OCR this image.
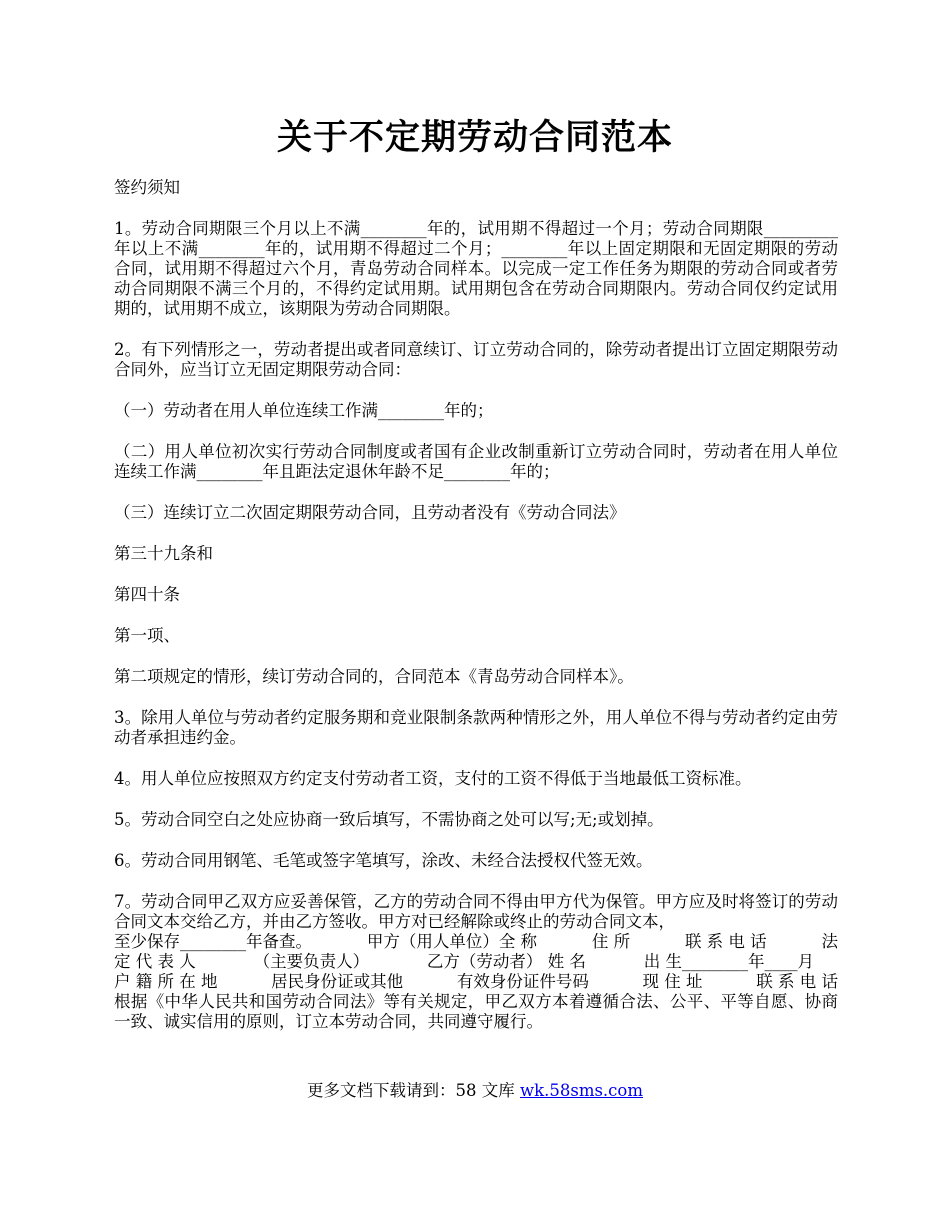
关于不定期劳动合同范本

签约须知

1。劳动合同期限三个月以上不满________年的，试用期不得超过一个月；劳动合同期限_________年以上不满________年的，试用期不得超过二个月；________年以上固定期限和无固定期限的劳动合同，试用期不得超过六个月，青岛劳动合同样本。以完成一定工作任务为期限的劳动合同或者劳动合同期限不满三个月的，不得约定试用期。试用期包含在劳动合同期限内。劳动合同仅约定试用期的，试用期不成立，该期限为劳动合同期限。

2。有下列情形之一，劳动者提出或者同意续订、订立劳动合同的，除劳动者提出订立固定期限劳动合同外，应当订立无固定期限劳动合同：

（一）劳动者在用人单位连续工作满________年的；

（二）用人单位初次实行劳动合同制度或者国有企业改制重新订立劳动合同时，劳动者在用人单位连续工作满________年且距法定退休年龄不足________年的；

（三）连续订立二次固定期限劳动合同，且劳动者没有《劳动合同法》

第三十九条和

第四十条

第一项、

第二项规定的情形，续订劳动合同的，合同范本《青岛劳动合同样本》。

3。除用人单位与劳动者约定服务期和竞业限制条款两种情形之外，用人单位不得与劳动者约定由劳动者承担违约金。

4。用人单位应按照双方约定支付劳动者工资，支付的工资不得低于当地最低工资标准。

5。劳动合同空白之处应协商一致后填写，不需协商之处可以写;无;或划掉。

6。劳动合同用钢笔、毛笔或签字笔填写，涂改、未经合法授权代签无效。

7。劳动合同甲乙双方应妥善保管，乙方的劳动合同不得由甲方代为保管。甲方应及时将签订的劳动合同文本交给乙方，并由乙方签收。甲方对已经解除或终止的劳动合同文本，
至少保存________年备查。	甲方（用人单位）全 称	住 所	联 系 电 话	法
定 代 表 人	（主要负责人）	乙方（劳动者） 姓 名	出 生________年____月
户 籍 所 在 地	居民身份证或其他	有效身份证件号码	现 住 址	联 系 电 话
根据《中华人民共和国劳动合同法》等有关规定，甲乙双方本着遵循合法、公平、平等自愿、协商一致、诚实信用的原则，订立本劳动合同，共同遵守履行。
更多文档下载请到：58 文库 wk.58sms.com
